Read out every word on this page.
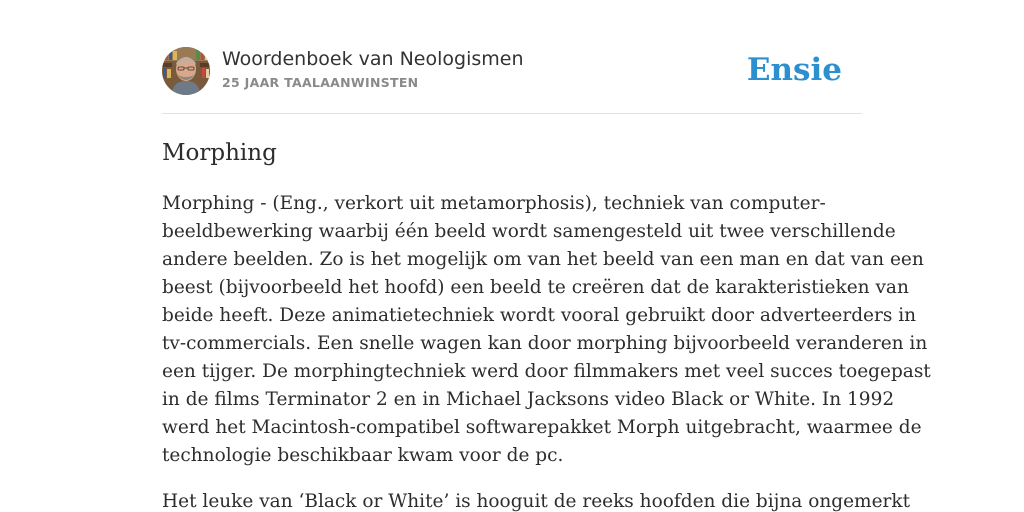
Woordenboek van Neologismen
25 JAAR TAALAANWINSTEN	Ensie
Morphing
Morphing - (Eng., verkort uit metamorphosis), techniek van computer-
beeldbewerking waarbij één beeld wordt samengesteld uit twee verschillende
andere beelden. Zo is het mogelijk om van het beeld van een man en dat van een
beest (bijvoorbeeld het hoofd) een beeld te creëren dat de karakteristieken van
beide heeft. Deze animatietechniek wordt vooral gebruikt door adverteerders in
tv-commercials. Een snelle wagen kan door morphing bijvoorbeeld veranderen in
een tijger. De morphingtechniek werd door filmmakers met veel succes toegepast
in de films Terminator 2 en in Michael Jacksons video Black or White. In 1992
werd het Macintosh-compatibel softwarepakket Morph uitgebracht, waarmee de
technologie beschikbaar kwam voor de pc.
Het leuke van ‘Black or White’ is hooguit de reeks hoofden die bijna ongemerkt
